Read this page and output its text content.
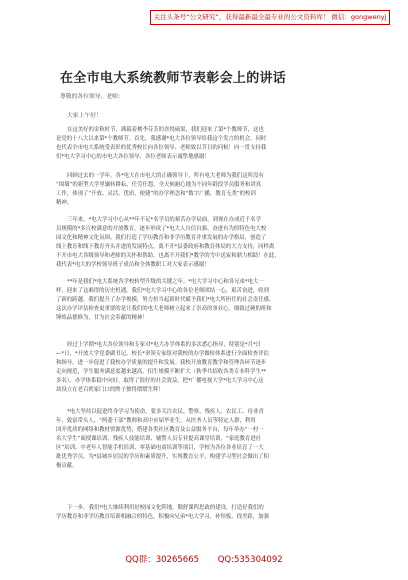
关注头条号“公文研究”，获得最新最全最专业的公文资料库！ 微信：gongwenyj
在全市电大系统教师节表彰会上的讲话
尊敬的各位领导、老师：
大家上午好！
在这美好的金秋时节，满载着桃李芬芳的喜悦硕果，我们迎来了第*个教师节，这也
是党的十八大以来第*个教师节。首先，我感谢*电大各位领导给我这个发言的机会。同时
也代表全市电大系统受表彰的优秀校长向各位领导、老师致以节日的问候！向一贯支持我
们*电大学习中心的市电大各位领导、各位老师表示诚挚地感谢！
回顾过去的一学年，各*电大在市电大的正确领导下，所有电大老师为我们这所没有
“围墙”的新型大学里辗转耕耘，任劳任怨，全天候耐心地为不同年龄段学员服务和讲真
工作，体现了“开放、灵活、优质、便捷”的办学理念和“数字广播，教育无类”的校训
精神。
三年来，*电大学习中心从**年不足*名学员的艰苦办学局面，到现在办成近千名学
员规模的*多百校满意的开放教育。逐步形成了*电大人自信自强、奋进有为的特色电大校
园文化和精神文化氛围。我们打造了学历教育和非学历教育并重发展的办学格局，创造了
线上教育和线下教育齐头并进的发展特点，离不开*县委政府和教育体局的大力支持，同样离
不开市电大各级领导和老师的关怀和帮助。也离不开我们*教学的雪中送炭和鼎力相助！在此，
我代表*电大的学校领导班子成员和全体教职工对大家表示感谢！
**年是我们*电大系统各学校转型升级的关键之年。*电大学习中心和各兄弟*电大一
样，迎来了这难得的历史机遇。我们*电大学习中心的各位老师团结一心，艰苦奋进，收到
了新的跨越。我们提升了办学规模，努力扭当起新时代赋予我们*电大所担任的社会责任感。
这次办学评估检查更重要的是让我们的电大老师树立起来了崇高的事业心。细致过硬的班和
锤炼品德修为，甘为社会奉献的精神！
经过上学期*电大各位领导和专家对*电大办学体系的多次悉心指导，特别是*月*日
—*日，*开放大学党委副书记，校长*率领专家组对我校的办学做检体系进行全面检查评估
和指导，进一步促进了我校办学质量的提升和发展。我校开放教育教学和管理各环节逐步
走向规范，学生服务满意度越来越高，招生规模不断扩大（秋季共招收各类专本科学生**
多名），办学体系稳中向好，取得了很好的社会效益，把*广播电视大学*电大学习中心这
块设立在老百姓家门口的牌子擦得熠熠生辉！
*电大坚持以促进终身学习为使命，要多关注农民、警察、残疾人、农民工、待业青
年、致富带头人、“两委干部”教师和高中应届毕业生，从医务人员等特定人群，利用
国开优质的网络和教材资源优势，搭建各类社区教育及公益服务平台，每年举办“一村一
名大学生”面授课培训、残疾人技能培训、辅警人员专业提高课堂培训，“家庭教育进社
区”培训、中老年人智能手机培训、零基础电商培训等项目，学校为各位各业培育了一大
批优秀学员，为*县城乡居民的学历和素质提升，实现教育公平，构建学习型社会做出了积
极贡献。
下一步，我们*电大继续利用好校园文化阵地，勤舒课程思政的建设，打造好我们的
学历教育和非学历教育培训相融合的特色，积极向兄弟*电大学习，补短板、找差距，加强
QQ群：30265665 QQ:535304092
